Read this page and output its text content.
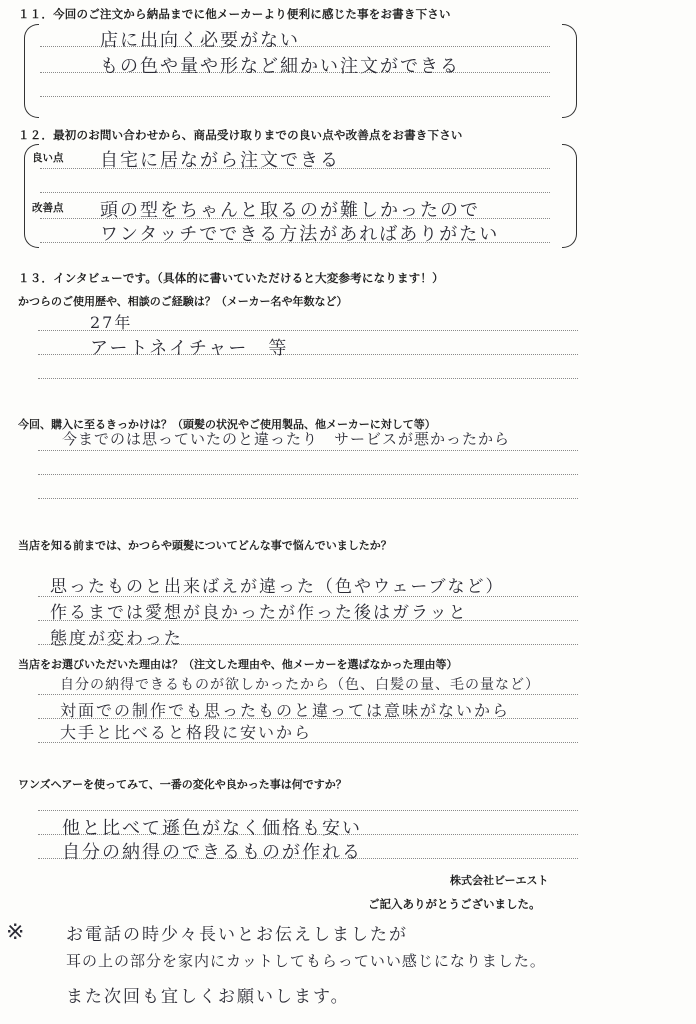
１１．今回のご注文から納品までに他メーカーより便利に感じた事をお書き下さい
店に出向く必要がない
もの色や量や形など細かい注文ができる
１２．最初のお問い合わせから、商品受け取りまでの良い点や改善点をお書き下さい
良い点
改善点
自宅に居ながら注文できる
頭の型をちゃんと取るのが難しかったので
ワンタッチでできる方法があればありがたい
１３．インタビューです。（具体的に書いていただけると大変参考になります！）
かつらのご使用歴や、相談のご経験は？（メーカー名や年数など）
27年
アートネイチャー　等
今回、購入に至るきっかけは？（頭髪の状況やご使用製品、他メーカーに対して等）
今までのは思っていたのと違ったり　サービスが悪かったから
当店を知る前までは、かつらや頭髪についてどんな事で悩んでいましたか？
思ったものと出来ばえが違った（色やウェーブなど）
作るまでは愛想が良かったが作った後はガラッと
態度が変わった
当店をお選びいただいた理由は？（注文した理由や、他メーカーを選ばなかった理由等）
自分の納得できるものが欲しかったから（色、白髪の量、毛の量など）
対面での制作でも思ったものと違っては意味がないから
大手と比べると格段に安いから
ワンズヘアーを使ってみて、一番の変化や良かった事は何ですか？
他と比べて遜色がなく価格も安い
自分の納得のできるものが作れる
株式会社ビーエスト
ご記入ありがとうございました。
※ お電話の時少々長いとお伝えしましたが
耳の上の部分を家内にカットしてもらっていい感じになりました。
また次回も宜しくお願いします。
